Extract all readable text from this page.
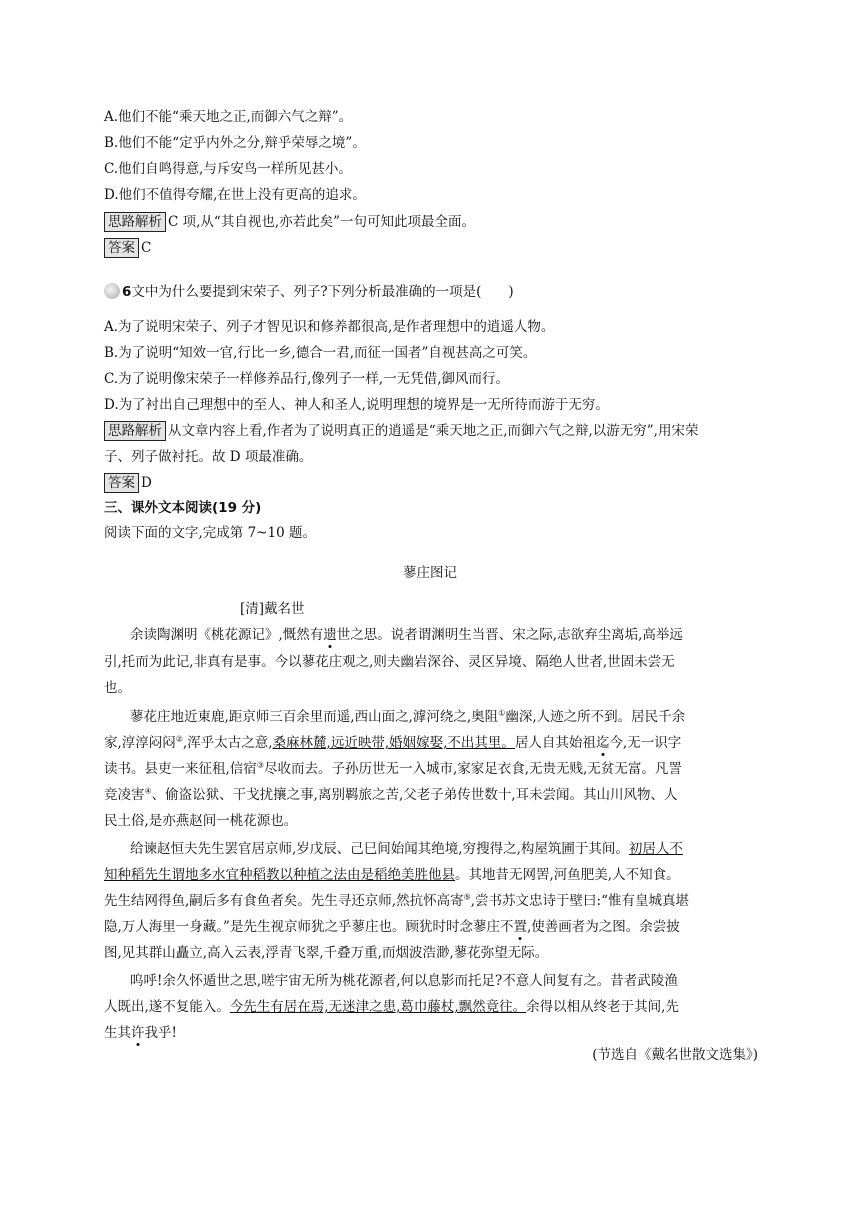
A.他们不能“乘天地之正,而御六气之辩”。
B.他们不能“定乎内外之分,辩乎荣辱之境”。
C.他们自鸣得意,与斥安鸟一样所见甚小。
D.他们不值得夸耀,在世上没有更高的追求。
思路解析 C 项,从“其自视也,亦若此矣”一句可知此项最全面。
答案 C
6文中为什么要提到宋荣子、列子?下列分析最准确的一项是(　　)
A.为了说明宋荣子、列子才智见识和修养都很高,是作者理想中的逍遥人物。
B.为了说明“知效一官,行比一乡,德合一君,而征一国者”自视甚高之可笑。
C.为了说明像宋荣子一样修养品行,像列子一样,一无凭借,御风而行。
D.为了衬出自己理想中的至人、神人和圣人,说明理想的境界是一无所待而游于无穷。
思路解析 从文章内容上看,作者为了说明真正的逍遥是“乘天地之正,而御六气之辩,以游无穷”,用宋荣
子、列子做衬托。故 D 项最准确。
答案 D
三、课外文本阅读(19 分)
阅读下面的文字,完成第 7~10 题。
蓼庄图记
[清]戴名世
余读陶渊明《桃花源记》,慨然有遗世之思。说者谓渊明生当晋、宋之际,志欲弃尘离垢,高举远
引,托而为此记,非真有是事。今以蓼花庄观之,则夫幽岩深谷、灵区异境、隔绝人世者,世固未尝无
也。
蓼花庄地近東鹿,距京师三百余里而遥,西山面之,滹河绕之,奥阻①幽深,人迹之所不到。居民千余
家,淳淳闷闷②,浑乎太古之意,桑麻林麓,远近映带,婚姻嫁娶,不出其里。居人自其始祖迄今,无一识字
读书。县吏一来征租,信宿③尽收而去。子孙历世无一入城市,家家足衣食,无贵无贱,无贫无富。凡詈
竞凌害④、偷盗讼狱、干戈扰攘之事,离别羁旅之苦,父老子弟传世数十,耳未尝闻。其山川风物、人
民土俗,是亦燕赵间一桃花源也。
给谏赵恒夫先生罢官居京师,岁戊辰、己巳间始闻其绝境,穷搜得之,构屋筑圃于其间。初居人不
知种稻先生谓地多水宜种稻教以种植之法由是稻绝美胜他县。其地昔无网罟,河鱼肥美,人不知食。
先生结网得鱼,嗣后多有食鱼者矣。先生寻还京师,然抗怀高寄⑤,尝书苏文忠诗于壁曰:“惟有皇城真堪
隐,万人海里一身藏。”是先生视京师犹之乎蓼庄也。顾犹时时念蓼庄不置,使善画者为之图。余尝披
图,见其群山矗立,高入云表,浮青飞翠,千叠万重,而烟波浩渺,蓼花弥望无际。
呜呼!余久怀遁世之思,嗟宇宙无所为桃花源者,何以息影而托足?不意人间复有之。昔者武陵渔
人既出,遂不复能入。今先生有居在焉,无迷津之患,葛巾藤杖,飘然竟往。余得以相从终老于其间,先
生其许我乎!
(节选自《戴名世散文选集》)
